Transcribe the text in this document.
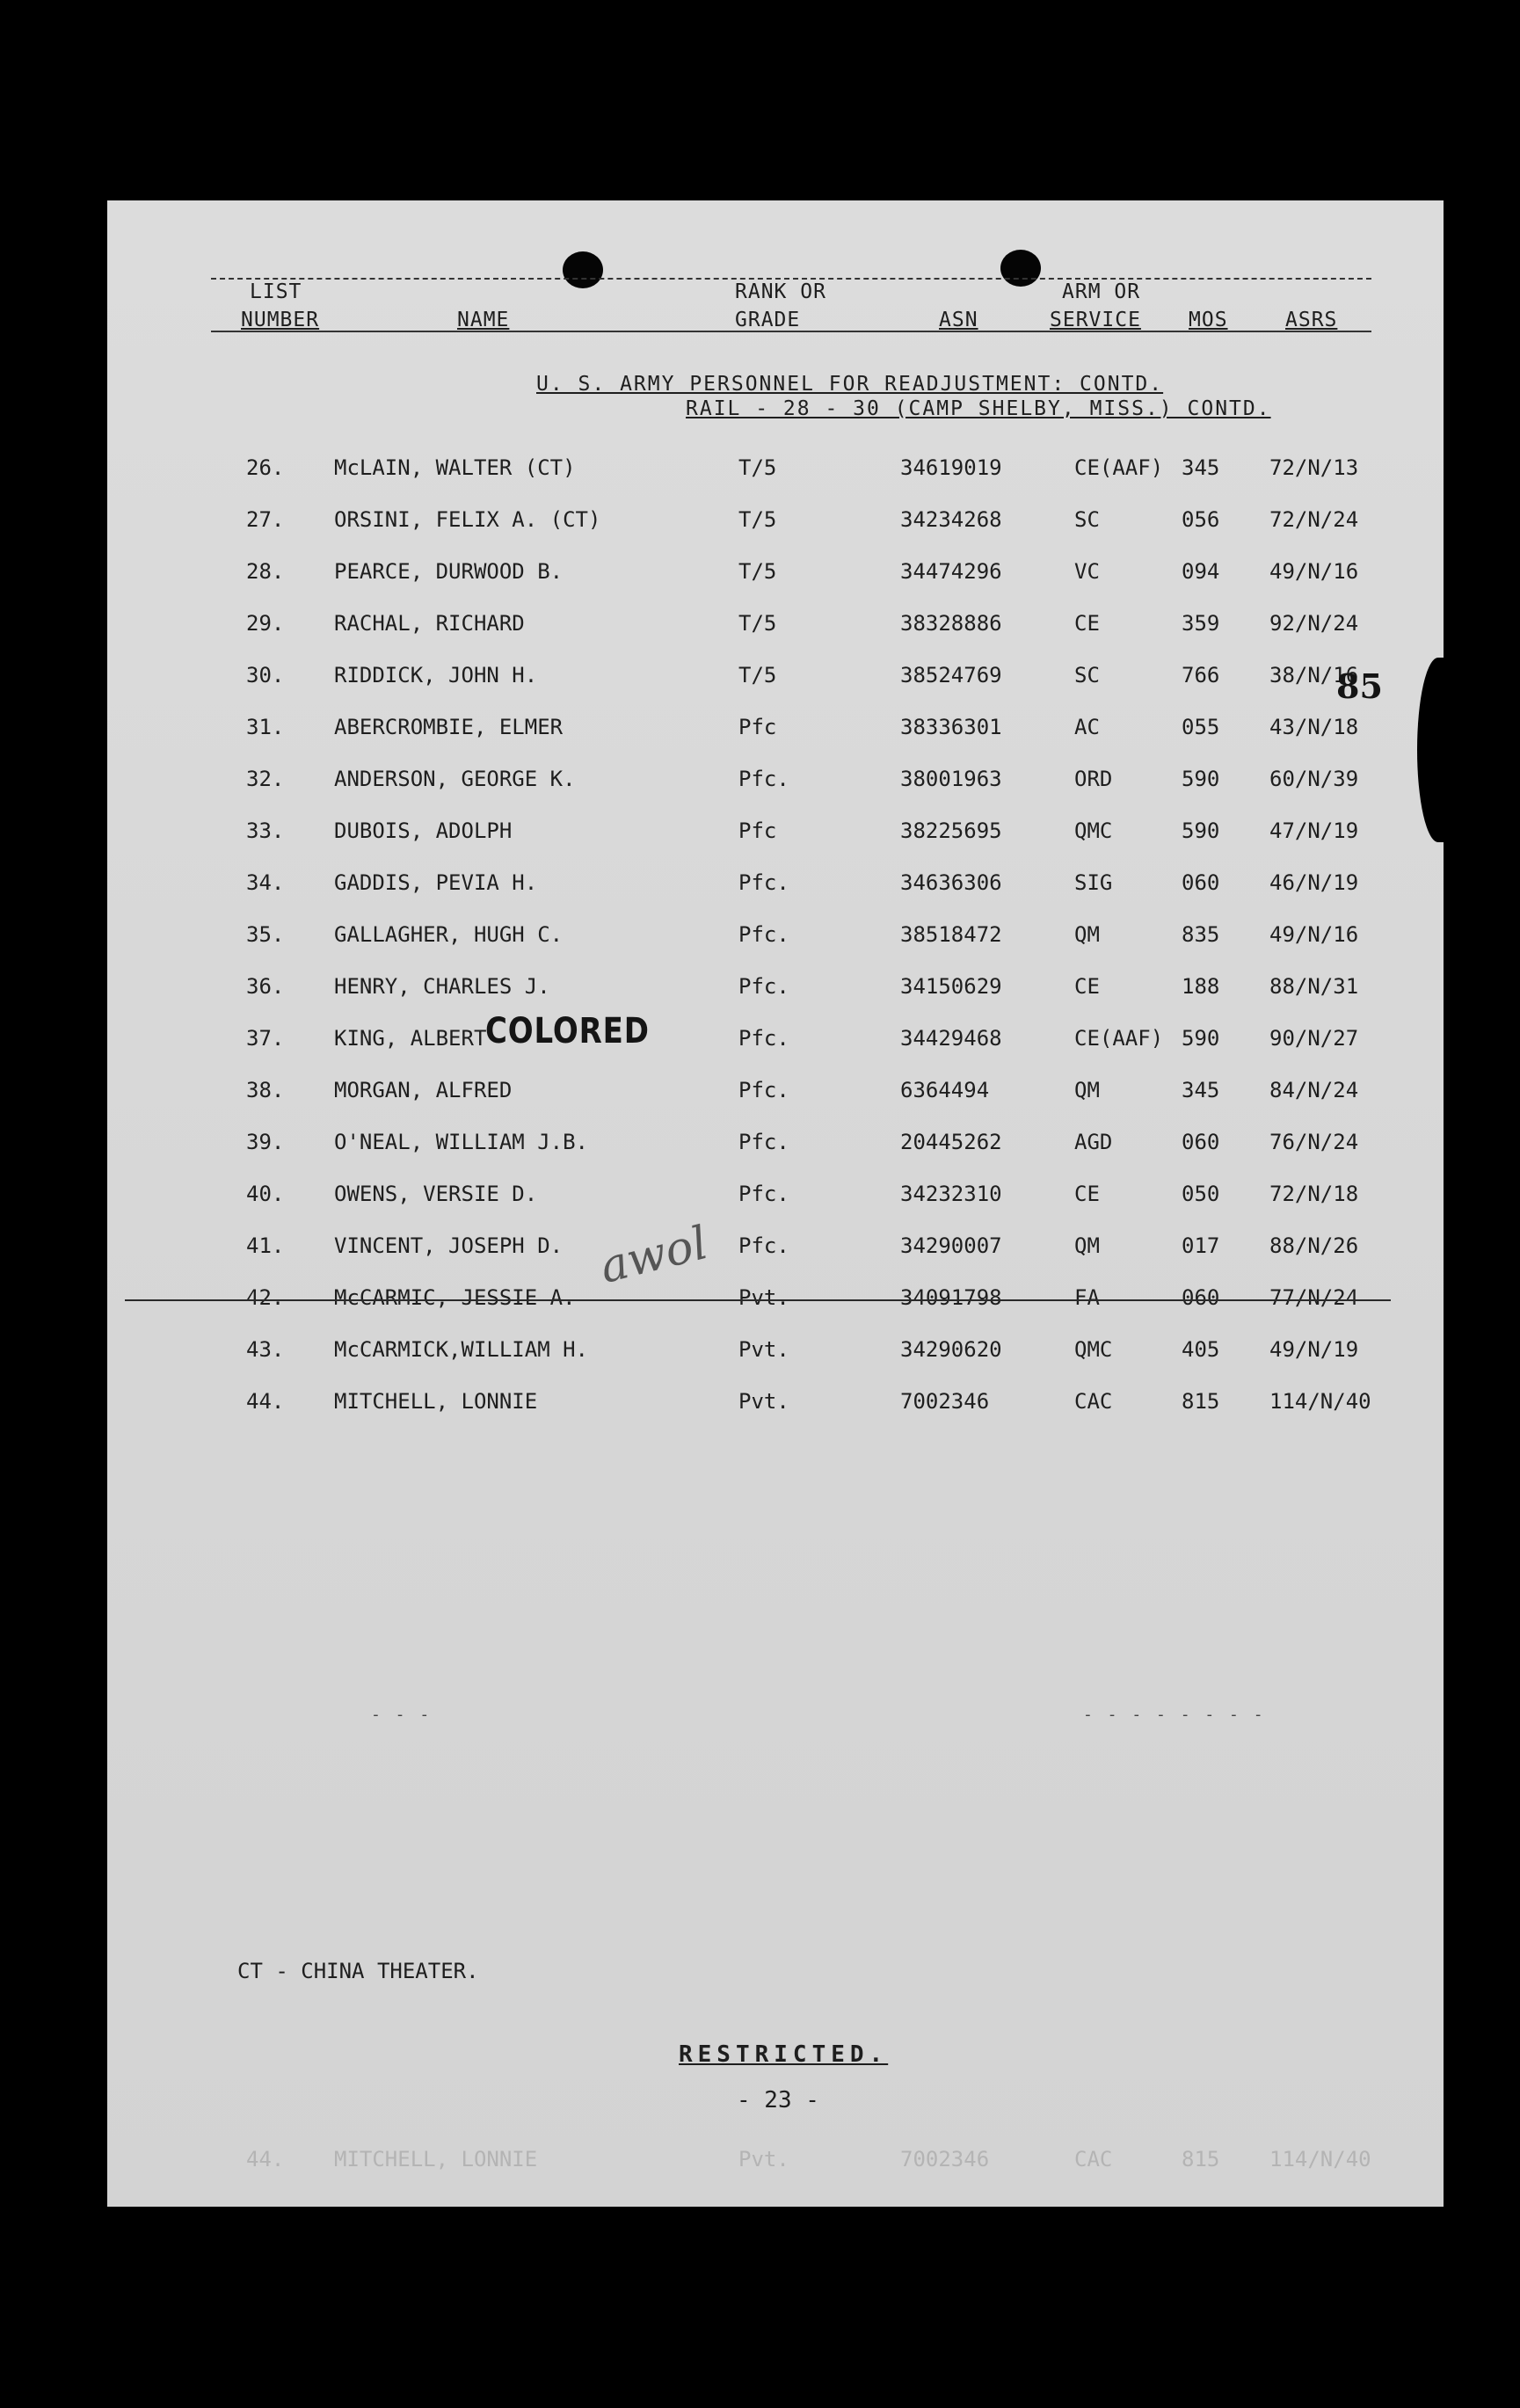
LIST
NUMBER	NAME
RANK OR
GRADE	ASN
ARM OR
SERVICE MOS	ASRS
U. S. ARMY PERSONNEL FOR READJUSTMENT: CONTD.
RAIL - 28 - 30 (CAMP SHELBY, MISS.) CONTD.
26. McLAIN, WALTER (CT)	T/5	34619019	CE(AAF) 345 72/N/13
27. ORSINI, FELIX A. (CT)	T/5	34234268	SC	056 72/N/24
28. PEARCE, DURWOOD B.	T/5	34474296	VC	094 49/N/16
29. RACHAL, RICHARD	T/5	38328886	CE	359 92/N/24
30. RIDDICK, JOHN H.	T/5	38524769	SC	766 38/N/16
31. ABERCROMBIE, ELMER	Pfc	38336301	AC	055 43/N/18
32. ANDERSON, GEORGE K.	Pfc.	38001963	ORD	590 60/N/39
33. DUBOIS, ADOLPH	Pfc	38225695	QMC	590 47/N/19
34. GADDIS, PEVIA H.	Pfc.	34636306	SIG	060 46/N/19
35. GALLAGHER, HUGH C.	Pfc.	38518472	QM	835 49/N/16
36. HENRY, CHARLES J.	Pfc.	34150629	CE	188 88/N/31
37. KING, ALBERT	Pfc.	34429468	CE(AAF) 590 90/N/27
38. MORGAN, ALFRED	Pfc.	6364494	QM	345 84/N/24
39. O'NEAL, WILLIAM J.B.	Pfc.	20445262	AGD	060 76/N/24
40. OWENS, VERSIE D.	Pfc.	34232310	CE	050 72/N/18
41. VINCENT, JOSEPH D.	Pfc.	34290007	QM	017 88/N/26
42. McCARMIC, JESSIE A.	Pvt.	34091798	FA	060 77/N/24
43. McCARMICK,WILLIAM H.	Pvt.	34290620	QMC	405 49/N/19
44. MITCHELL, LONNIE	Pvt.	7002346	CAC	815 114/N/40
COLORED
awol
85
- - -	- - - - - - - -
CT - CHINA THEATER.
RESTRICTED.
- 23 -
44. MITCHELL, LONNIE	Pvt.	7002346	CAC	815 114/N/40
